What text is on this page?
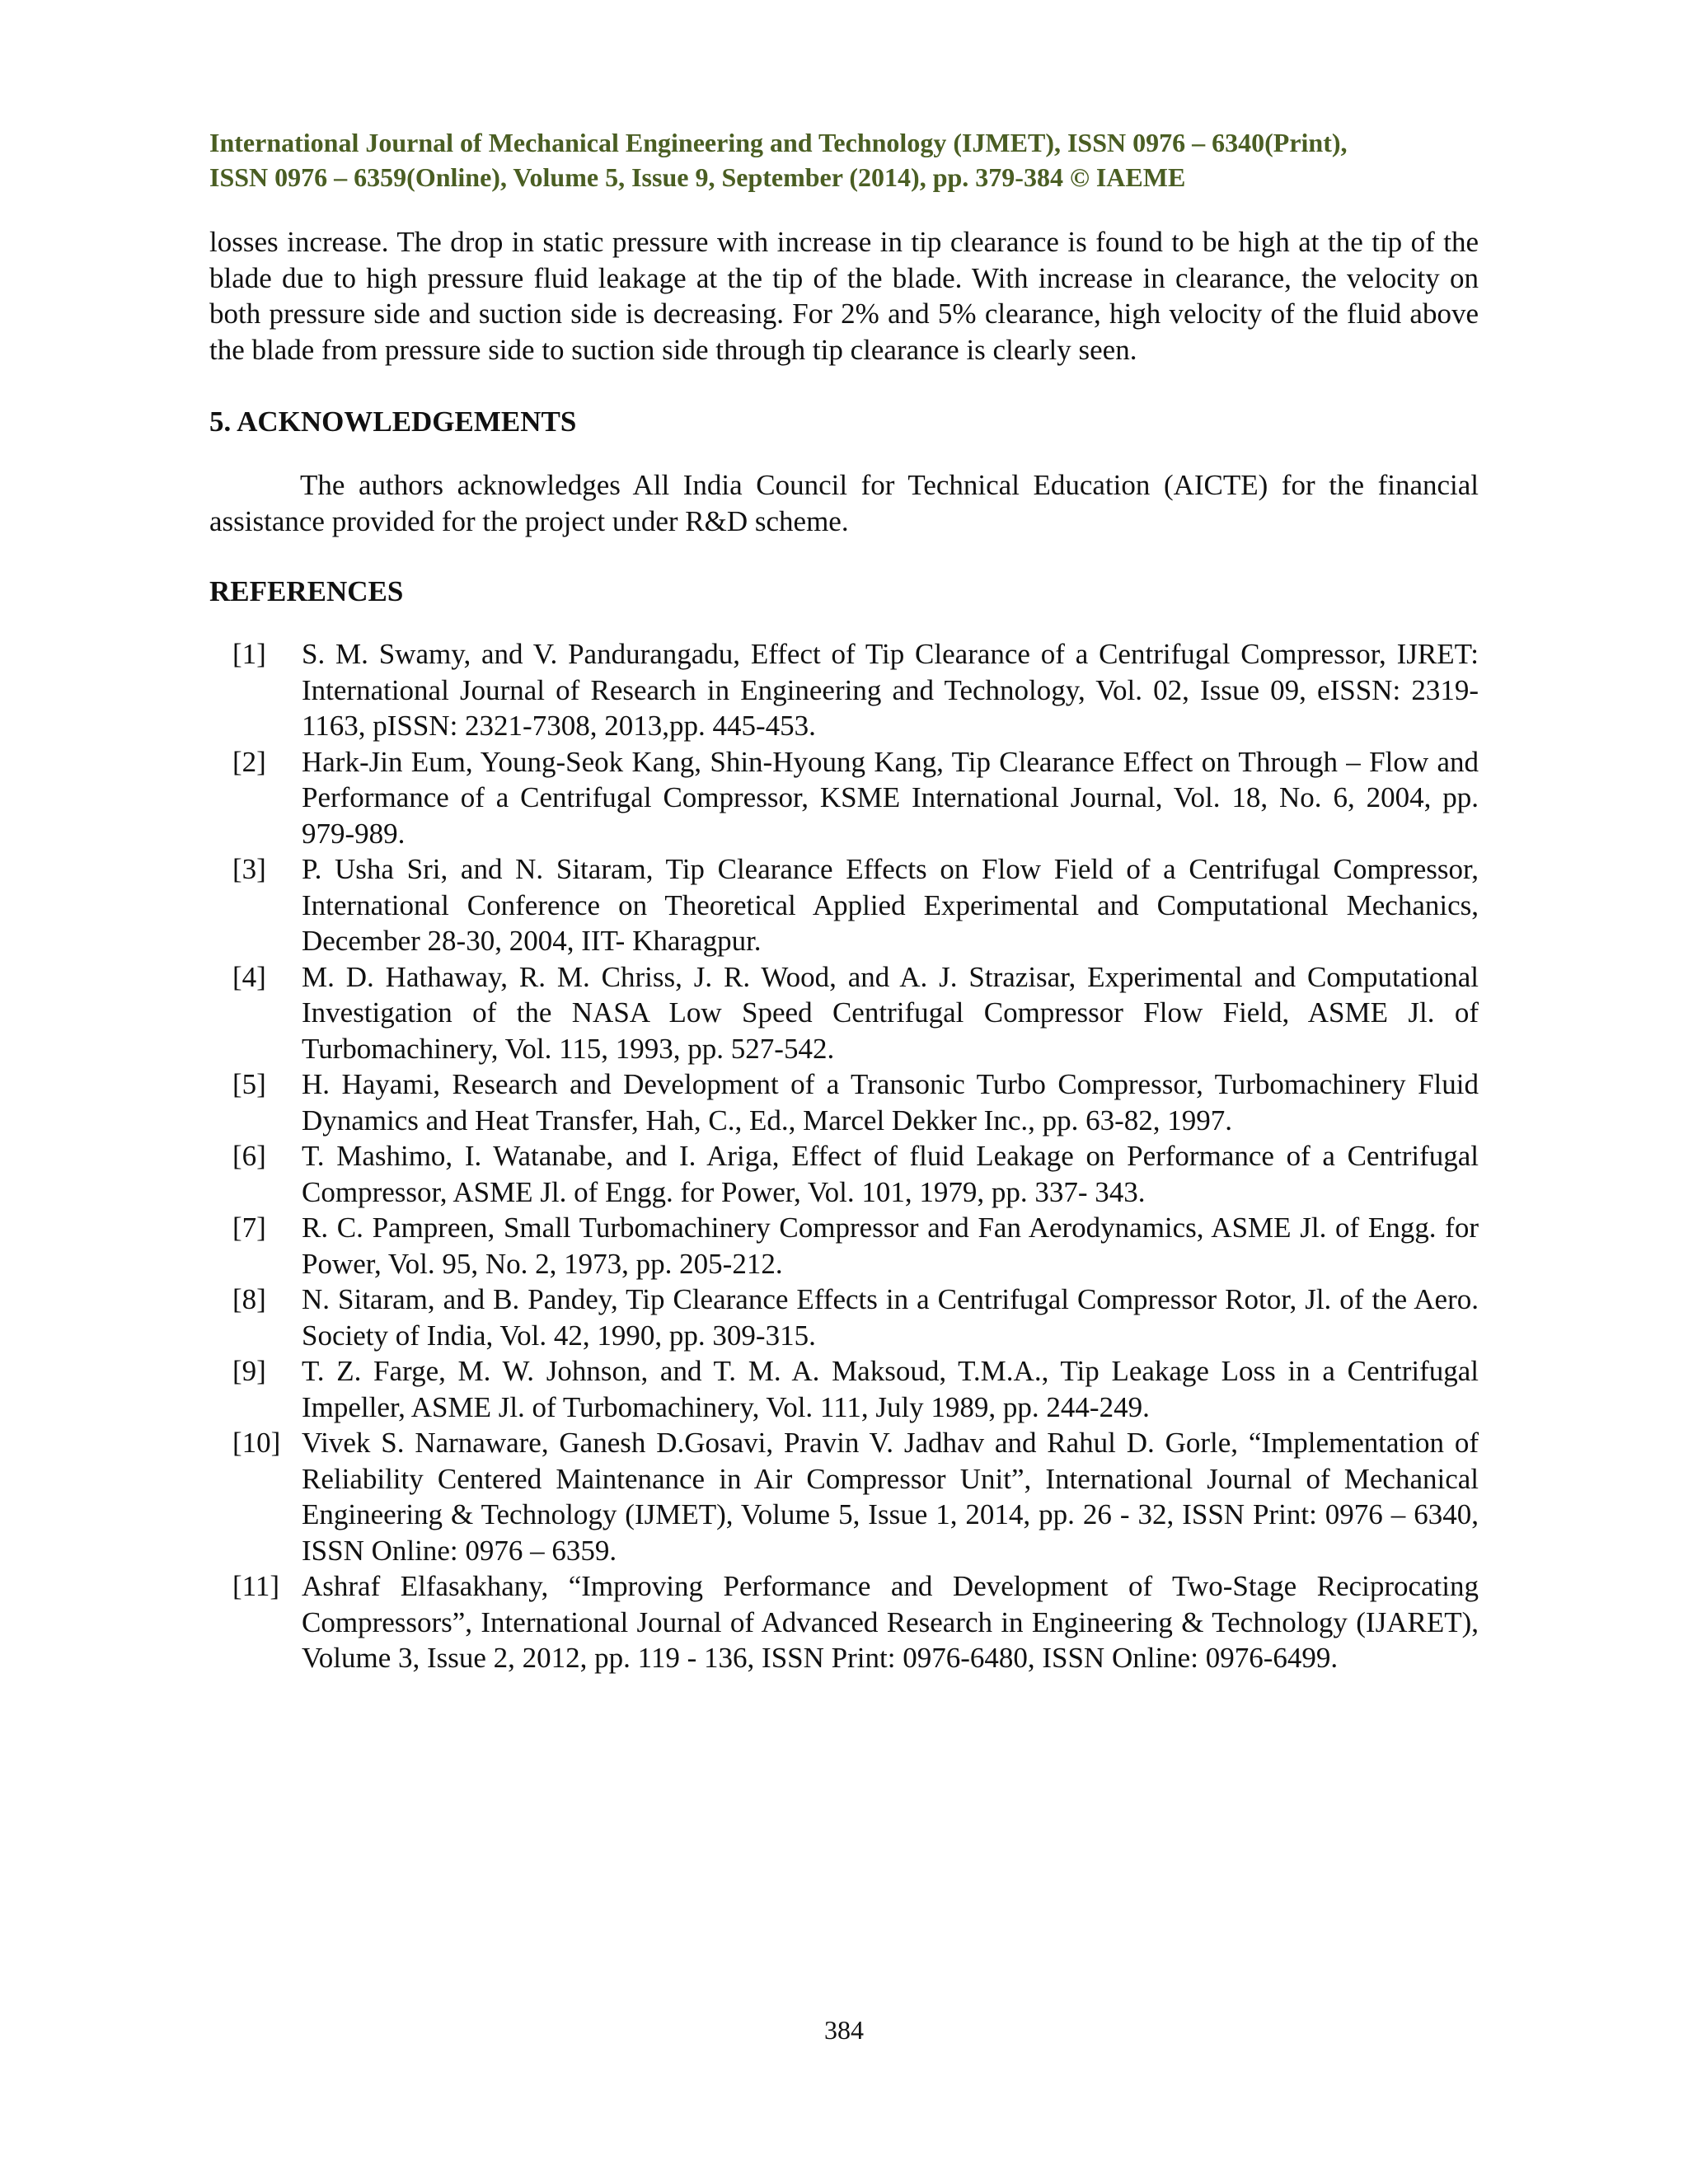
International Journal of Mechanical Engineering and Technology (IJMET), ISSN 0976 – 6340(Print),
ISSN 0976 – 6359(Online), Volume 5, Issue 9, September (2014), pp. 379-384 © IAEME

losses increase. The drop in static pressure with increase in tip clearance is found to be high at the tip of the blade due to high pressure fluid leakage at the tip of the blade. With increase in clearance, the velocity on both pressure side and suction side is decreasing. For 2% and 5% clearance, high velocity of the fluid above the blade from pressure side to suction side through tip clearance is clearly seen.

5. ACKNOWLEDGEMENTS

The authors acknowledges All India Council for Technical Education (AICTE) for the financial assistance provided for the project under R&D scheme.

REFERENCES
[1]	S. M. Swamy, and V. Pandurangadu, Effect of Tip Clearance of a Centrifugal Compressor, IJRET: International Journal of Research in Engineering and Technology, Vol. 02, Issue 09, eISSN: 2319-1163, pISSN: 2321-7308, 2013,pp. 445-453.
[2]	Hark-Jin Eum, Young-Seok Kang, Shin-Hyoung Kang, Tip Clearance Effect on Through – Flow and Performance of a Centrifugal Compressor, KSME International Journal, Vol. 18, No. 6, 2004, pp. 979-989.
[3]	P. Usha Sri, and N. Sitaram, Tip Clearance Effects on Flow Field of a Centrifugal Compressor, International Conference on Theoretical Applied Experimental and Computational Mechanics, December 28-30, 2004, IIT- Kharagpur.
[4]	M. D. Hathaway, R. M. Chriss, J. R. Wood, and A. J. Strazisar, Experimental and Computational Investigation of the NASA Low Speed Centrifugal Compressor Flow Field, ASME Jl. of Turbomachinery, Vol. 115, 1993, pp. 527-542.
[5]	H. Hayami, Research and Development of a Transonic Turbo Compressor, Turbomachinery Fluid Dynamics and Heat Transfer, Hah, C., Ed., Marcel Dekker Inc., pp. 63-82, 1997.
[6]	T. Mashimo, I. Watanabe, and I. Ariga, Effect of fluid Leakage on Performance of a Centrifugal Compressor, ASME Jl. of Engg. for Power, Vol. 101, 1979, pp. 337- 343.
[7]	R. C. Pampreen, Small Turbomachinery Compressor and Fan Aerodynamics, ASME Jl. of Engg. for Power, Vol. 95, No. 2, 1973, pp. 205-212.
[8]	N. Sitaram, and B. Pandey, Tip Clearance Effects in a Centrifugal Compressor Rotor, Jl. of the Aero. Society of India, Vol. 42, 1990, pp. 309-315.
[9]	T. Z. Farge, M. W. Johnson, and T. M. A. Maksoud, T.M.A., Tip Leakage Loss in a Centrifugal Impeller, ASME Jl. of Turbomachinery, Vol. 111, July 1989, pp. 244-249.
[10] Vivek S. Narnaware, Ganesh D.Gosavi, Pravin V. Jadhav and Rahul D. Gorle, “Implementation of Reliability Centered Maintenance in Air Compressor Unit”, International Journal of Mechanical Engineering & Technology (IJMET), Volume 5, Issue 1, 2014, pp. 26 - 32, ISSN Print: 0976 – 6340, ISSN Online: 0976 – 6359.
[11] Ashraf Elfasakhany, “Improving Performance and Development of Two-Stage Reciprocating Compressors”, International Journal of Advanced Research in Engineering & Technology (IJARET), Volume 3, Issue 2, 2012, pp. 119 - 136, ISSN Print: 0976-6480, ISSN Online: 0976-6499.
384
